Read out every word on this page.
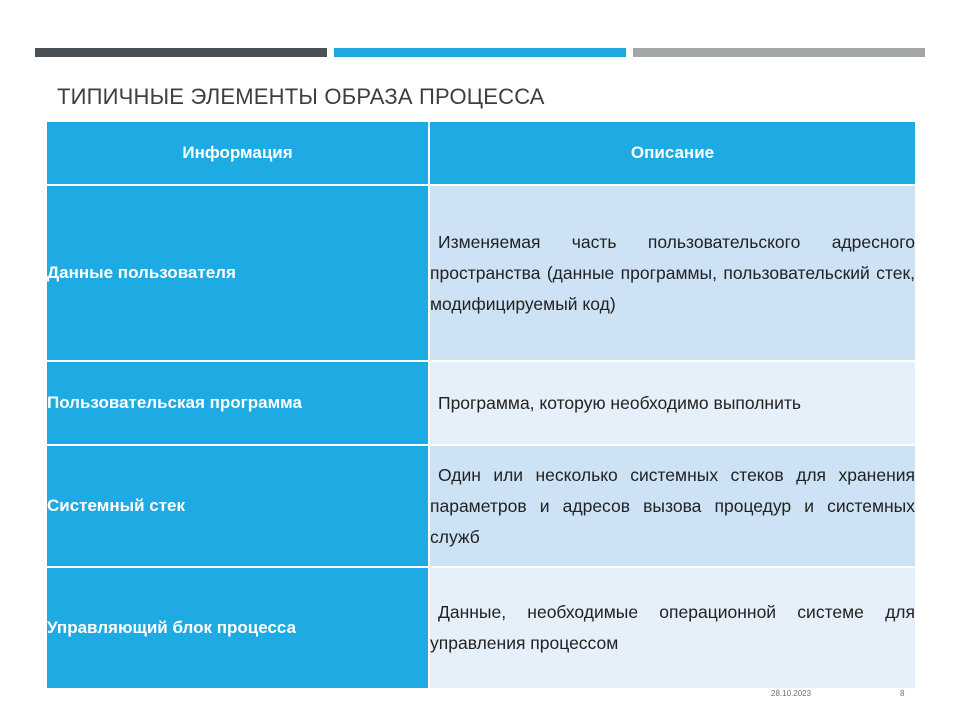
ТИПИЧНЫЕ ЭЛЕМЕНТЫ ОБРАЗА ПРОЦЕССА
Информация	Описание
Данные пользователя	Изменяемая часть пользовательского адресного пространства (данные программы, пользовательский стек, модифицируемый код)

Пользовательская программа	Программа, которую необходимо выполнить

Системный стек	Один или несколько системных стеков для хранения параметров и адресов вызова процедур и системных служб

Управляющий блок процесса	Данные, необходимые операционной системе для управления процессом
28.10.2023	8
